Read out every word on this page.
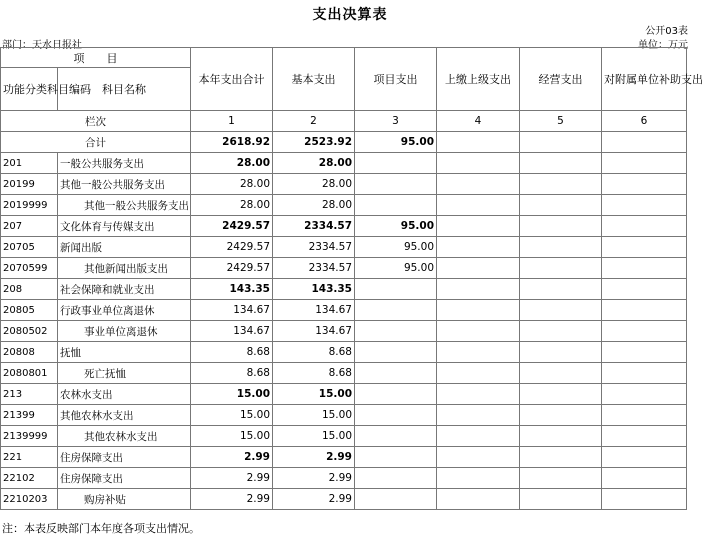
支出决算表
公开03表
部门：天水日报社	单位：万元
项　　目		本年支出合计	基本支出	项目支出	上缴上级支出	经营支出	对附属单位补助支出
功能分类科目编码	科目名称						
栏次		1	2	3	4	5	6
合计		2618.92	2523.92	95.00			
201	一般公共服务支出	28.00	28.00				
20199	其他一般公共服务支出	28.00	28.00				
2019999	其他一般公共服务支出	28.00	28.00				
207	文化体育与传媒支出	2429.57	2334.57	95.00			
20705	新闻出版	2429.57	2334.57	95.00			
2070599	其他新闻出版支出	2429.57	2334.57	95.00			
208	社会保障和就业支出	143.35	143.35				
20805	行政事业单位离退休	134.67	134.67				
2080502	事业单位离退休	134.67	134.67				
20808	抚恤	8.68	8.68				
2080801	死亡抚恤	8.68	8.68				
213	农林水支出	15.00	15.00				
21399	其他农林水支出	15.00	15.00				
2139999	其他农林水支出	15.00	15.00				
221	住房保障支出	2.99	2.99				
22102	住房保障支出	2.99	2.99				
2210203	购房补贴	2.99	2.99				
注：本表反映部门本年度各项支出情况。
